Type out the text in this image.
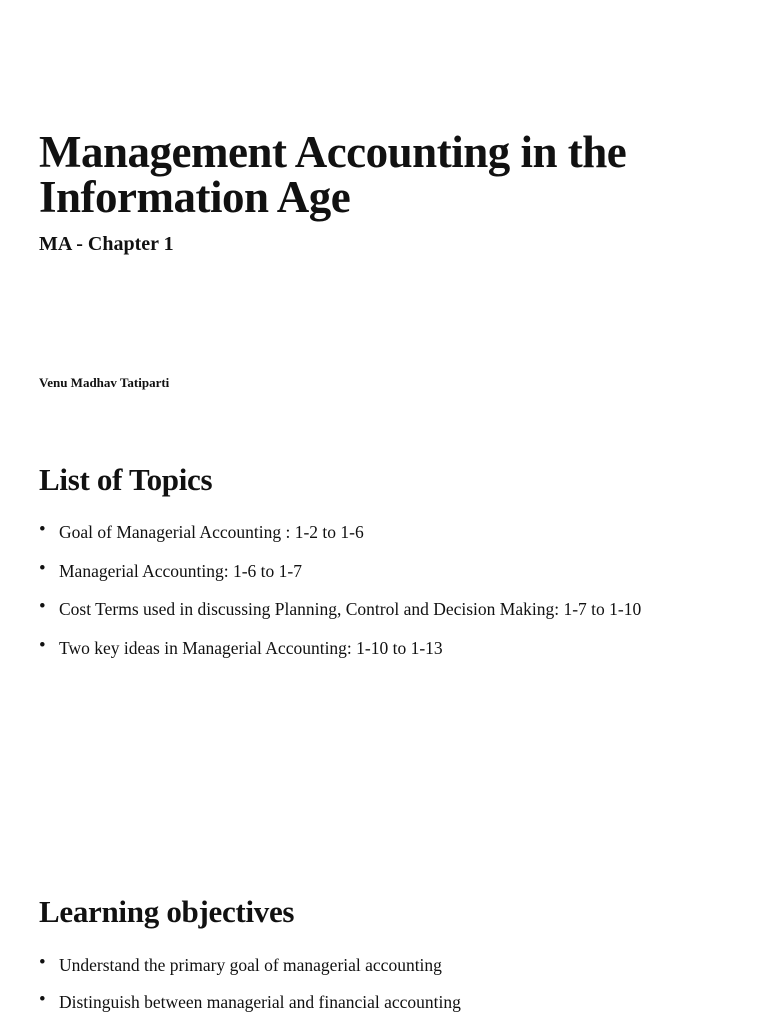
Management Accounting in the Information Age

MA - Chapter 1

Venu Madhav Tatiparti

List of Topics
• Goal of Managerial Accounting : 1-2 to 1-6
• Managerial Accounting: 1-6 to 1-7
• Cost Terms used in discussing Planning, Control and Decision Making: 1-7 to 1-10
• Two key ideas in Managerial Accounting: 1-10 to 1-13
Learning objectives
• Understand the primary goal of managerial accounting
• Distinguish between managerial and financial accounting
